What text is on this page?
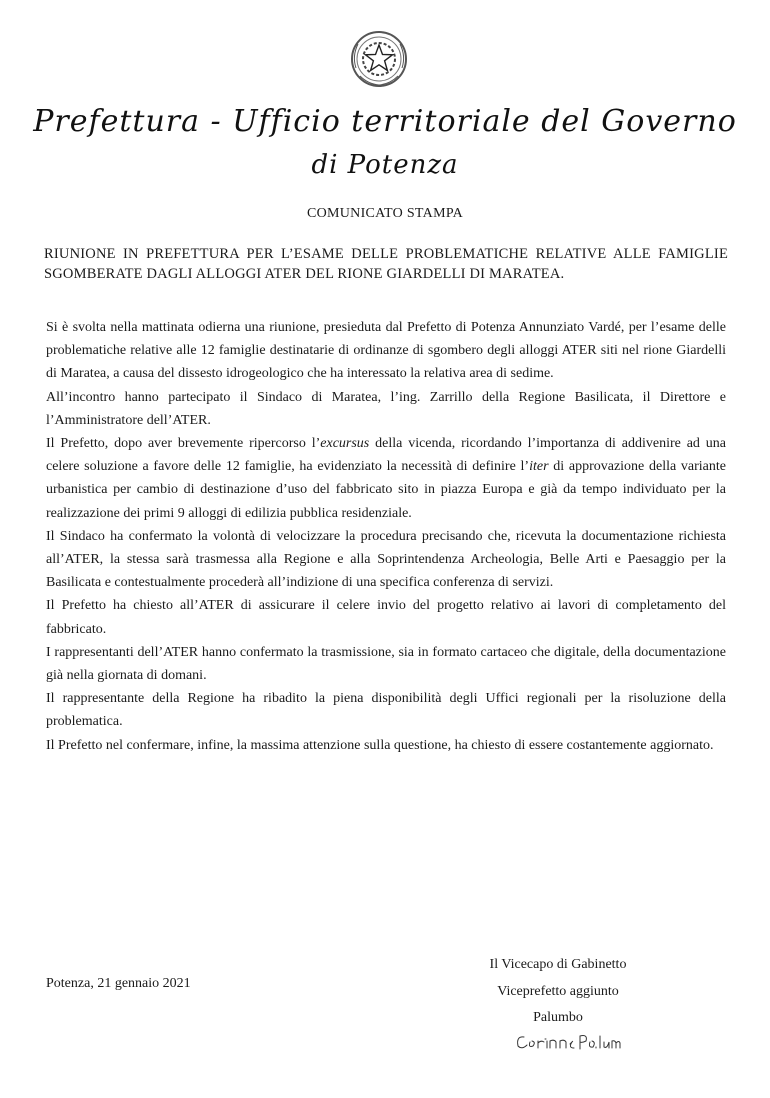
Prefettura - Ufficio territoriale del Governo
di Potenza
COMUNICATO STAMPA
RIUNIONE IN PREFETTURA PER L’ESAME DELLE PROBLEMATICHE RELATIVE ALLE FAMIGLIE SGOMBERATE DAGLI ALLOGGI ATER DEL RIONE GIARDELLI DI MARATEA.

Si è svolta nella mattinata odierna una riunione, presieduta dal Prefetto di Potenza Annunziato Vardé, per l’esame delle problematiche relative alle 12 famiglie destinatarie di ordinanze di sgombero degli alloggi ATER siti nel rione Giardelli di Maratea, a causa del dissesto idrogeologico che ha interessato la relativa area di sedime.

All’incontro hanno partecipato il Sindaco di Maratea, l’ing. Zarrillo della Regione Basilicata, il Direttore e l’Amministratore dell’ATER.

Il Prefetto, dopo aver brevemente ripercorso l’excursus della vicenda, ricordando l’importanza di addivenire ad una celere soluzione a favore delle 12 famiglie, ha evidenziato la necessità di definire l’iter di approvazione della variante urbanistica per cambio di destinazione d’uso del fabbricato sito in piazza Europa e già da tempo individuato per la realizzazione dei primi 9 alloggi di edilizia pubblica residenziale.

Il Sindaco ha confermato la volontà di velocizzare la procedura precisando che, ricevuta la documentazione richiesta all’ATER, la stessa sarà trasmessa alla Regione e alla Soprintendenza Archeologia, Belle Arti e Paesaggio per la Basilicata e contestualmente procederà all’indizione di una specifica conferenza di servizi.

Il Prefetto ha chiesto all’ATER di assicurare il celere invio del progetto relativo ai lavori di completamento del fabbricato.

I rappresentanti dell’ATER hanno confermato la trasmissione, sia in formato cartaceo che digitale, della documentazione già nella giornata di domani.

Il rappresentante della Regione ha ribadito la piena disponibilità degli Uffici regionali per la risoluzione della problematica.

Il Prefetto nel confermare, infine, la massima attenzione sulla questione, ha chiesto di essere costantemente aggiornato.

Potenza, 21 gennaio 2021
Il Vicecapo di Gabinetto
Viceprefetto aggiunto
Palumbo
